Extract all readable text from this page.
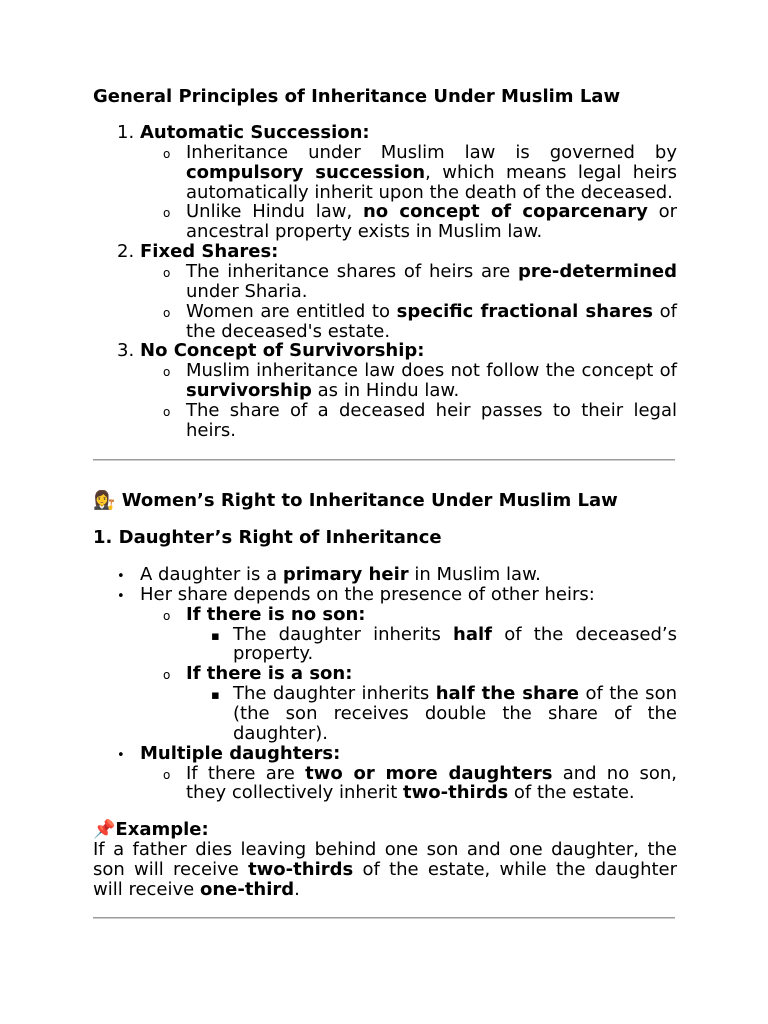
General Principles of Inheritance Under Muslim Law
1. Automatic Succession:
o Inheritance under Muslim law is governed by compulsory succession, which means legal heirs automatically inherit upon the death of the deceased.
o Unlike Hindu law, no concept of coparcenary or ancestral property exists in Muslim law.
2. Fixed Shares:
o The inheritance shares of heirs are pre-determined under Sharia.
o Women are entitled to specific fractional shares of the deceased's estate.
3. No Concept of Survivorship:
o Muslim inheritance law does not follow the concept of survivorship as in Hindu law.
o The share of a deceased heir passes to their legal heirs.
👩‍⚖️ Women’s Right to Inheritance Under Muslim Law
1. Daughter’s Right of Inheritance
• A daughter is a primary heir in Muslim law.
• Her share depends on the presence of other heirs:
o If there is no son:
▪ The daughter inherits half of the deceased’s property.
o If there is a son:
▪ The daughter inherits half the share of the son (the son receives double the share of the daughter).
• Multiple daughters:
o If there are two or more daughters and no son, they collectively inherit two-thirds of the estate.
📌Example:
If a father dies leaving behind one son and one daughter, the son will receive two-thirds of the estate, while the daughter will receive one-third.
